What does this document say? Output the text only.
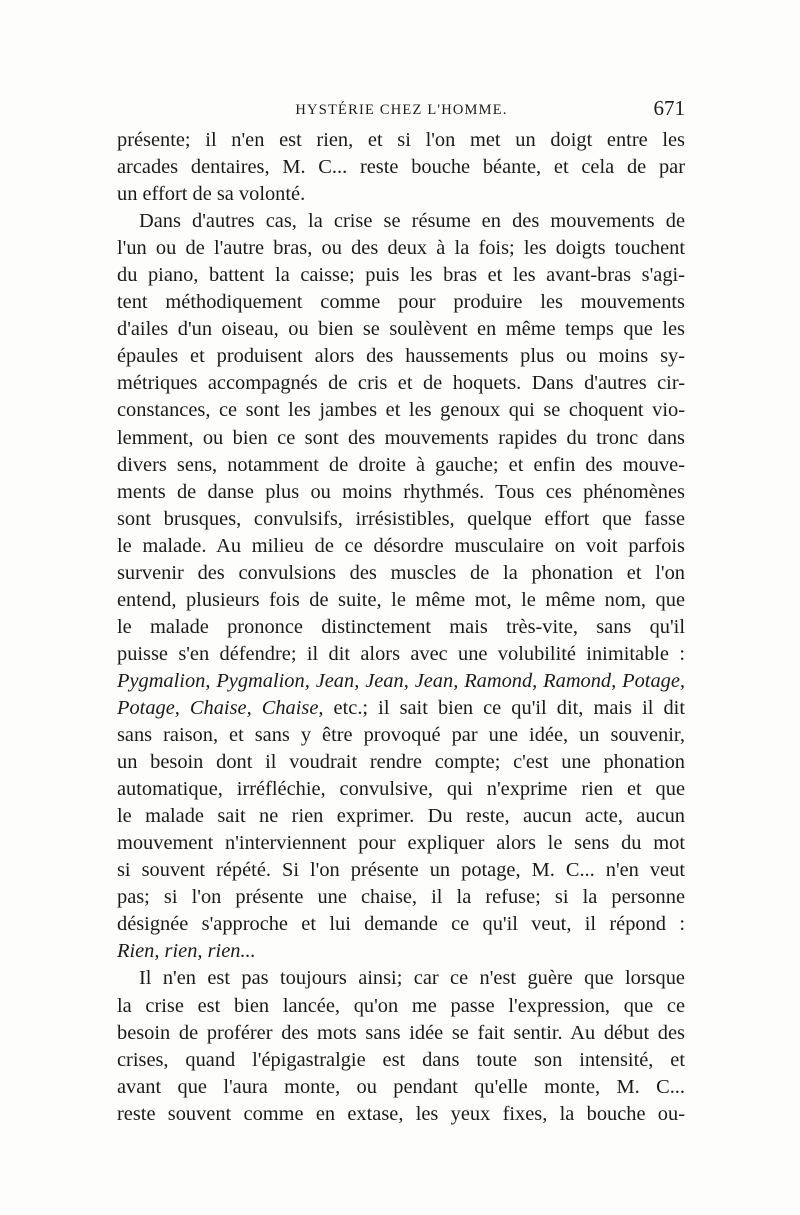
HYSTÉRIE CHEZ L'HOMME.	671
présente; il n'en est rien, et si l'on met un doigt entre les
arcades dentaires, M. C... reste bouche béante, et cela de par
un effort de sa volonté.
Dans d'autres cas, la crise se résume en des mouvements de
l'un ou de l'autre bras, ou des deux à la fois; les doigts touchent
du piano, battent la caisse; puis les bras et les avant-bras s'agi-
tent méthodiquement comme pour produire les mouvements
d'ailes d'un oiseau, ou bien se soulèvent en même temps que les
épaules et produisent alors des haussements plus ou moins sy-
métriques accompagnés de cris et de hoquets. Dans d'autres cir-
constances, ce sont les jambes et les genoux qui se choquent vio-
lemment, ou bien ce sont des mouvements rapides du tronc dans
divers sens, notamment de droite à gauche; et enfin des mouve-
ments de danse plus ou moins rhythmés. Tous ces phénomènes
sont brusques, convulsifs, irrésistibles, quelque effort que fasse
le malade. Au milieu de ce désordre musculaire on voit parfois
survenir des convulsions des muscles de la phonation et l'on
entend, plusieurs fois de suite, le même mot, le même nom, que
le malade prononce distinctement mais très-vite, sans qu'il
puisse s'en défendre; il dit alors avec une volubilité inimitable :
Pygmalion, Pygmalion, Jean, Jean, Jean, Ramond, Ramond, Potage,
Potage, Chaise, Chaise, etc.; il sait bien ce qu'il dit, mais il dit
sans raison, et sans y être provoqué par une idée, un souvenir,
un besoin dont il voudrait rendre compte; c'est une phonation
automatique, irréfléchie, convulsive, qui n'exprime rien et que
le malade sait ne rien exprimer. Du reste, aucun acte, aucun
mouvement n'interviennent pour expliquer alors le sens du mot
si souvent répété. Si l'on présente un potage, M. C... n'en veut
pas; si l'on présente une chaise, il la refuse; si la personne
désignée s'approche et lui demande ce qu'il veut, il répond :
Rien, rien, rien...
Il n'en est pas toujours ainsi; car ce n'est guère que lorsque
la crise est bien lancée, qu'on me passe l'expression, que ce
besoin de proférer des mots sans idée se fait sentir. Au début des
crises, quand l'épigastralgie est dans toute son intensité, et
avant que l'aura monte, ou pendant qu'elle monte, M. C...
reste souvent comme en extase, les yeux fixes, la bouche ou-
